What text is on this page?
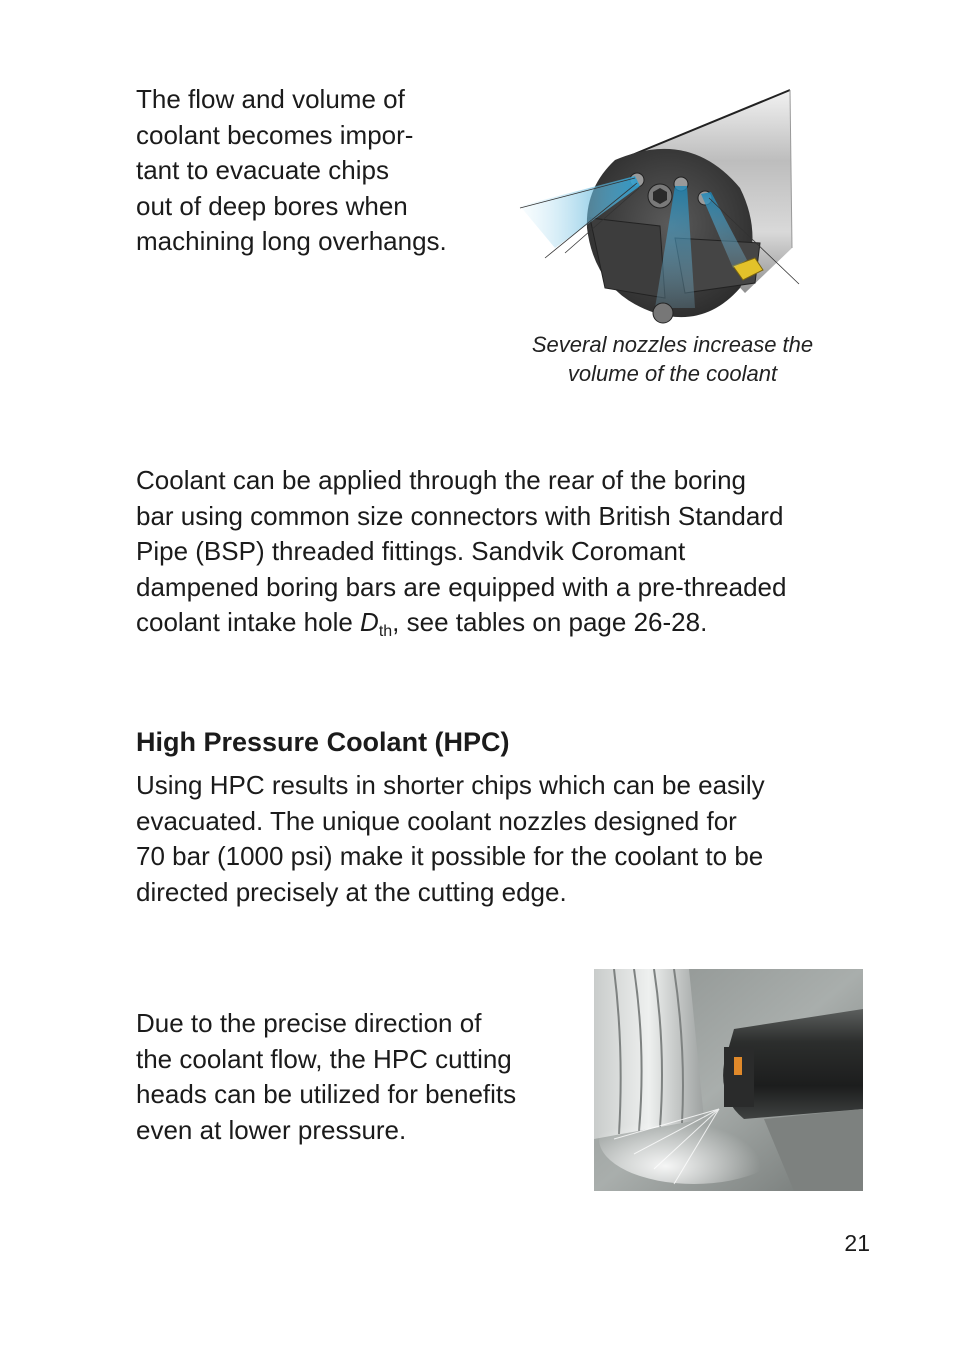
The flow and volume of
coolant becomes impor-
tant to evacuate chips
out of deep bores when
machining long overhangs.

Several nozzles increase the
volume of the coolant

Coolant can be applied through the rear of the boring
bar using common size connectors with British Standard
Pipe (BSP) threaded fittings. Sandvik Coromant
dampened boring bars are equipped with a pre-threaded
coolant intake hole $D_{th}$, see tables on page 26-28.

High Pressure Coolant (HPC)

Using HPC results in shorter chips which can be easily
evacuated. The unique coolant nozzles designed for
70 bar (1000 psi) make it possible for the coolant to be
directed precisely at the cutting edge.

Due to the precise direction of
the coolant flow, the HPC cutting
heads can be utilized for benefits
even at lower pressure.

21
